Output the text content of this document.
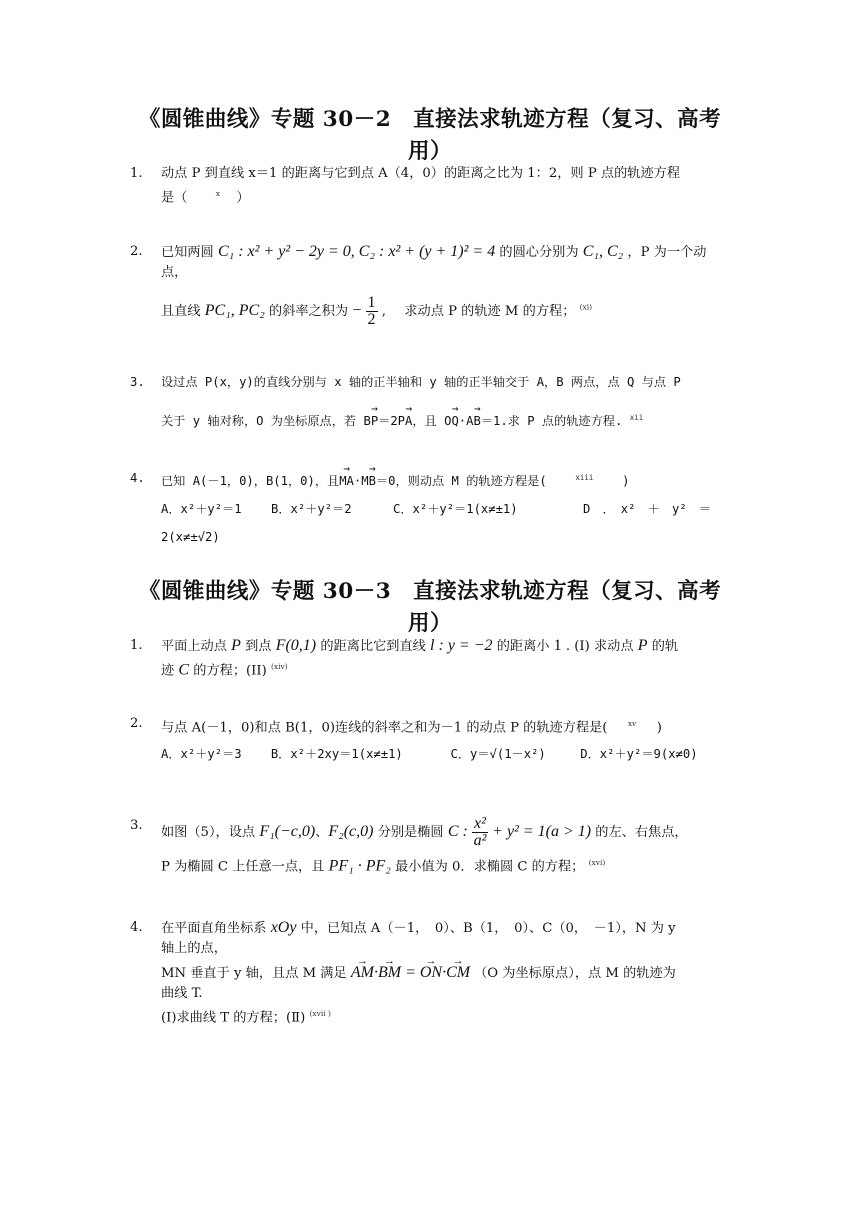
《圆锥曲线》专题 30－2　直接法求轨迹方程（复习、高考
用）
1. 动点 P 到直线 x＝1 的距离与它到点 A（4，0）的距离之比为 1：2，则 P 点的轨迹方程
是（	$^x$ ）
2. 已知两圆 C₁ : x² + y² − 2y = 0, C₂ : x² + (y + 1)² = 4 的圆心分别为 C₁, C₂ ，P 为一个动
点，
且直线 PC₁, PC₂ 的斜率之积为 − $\frac{1}{2}$ , 求动点 P 的轨迹 M 的方程； $^{(xi)}$
3. 设过点 P(x，y)的直线分别与 x 轴的正半轴和 y 轴的正半轴交于 A，B 两点，点 Q 与点 P
关于 y 轴对称，O 为坐标原点，若 B→ P＝2P→ A，且 O→ Q·A→ B＝1.求 P 点的轨迹方程. $^{xii}$
4. 已知 A(－1，0)，B(1，0)，且→ MA·M→ B＝0，则动点 M 的轨迹方程是(	$^{xiii}$ )
A．x²＋y²＝1	B．x²＋y²＝2	C．x²＋y²＝1(x≠±1)	D　．　x²　＋　y²　＝
2(x≠±√2)
《圆锥曲线》专题 30－3　直接法求轨迹方程（复习、高考
用）
1. 平面上动点 P 到点 F(0,1) 的距离比它到直线 l : y = −2 的距离小 1 . (I) 求动点 P 的轨
迹 C 的方程；(II) $^{(xiv)}$
2. 与点 A(－1，0)和点 B(1，0)连线的斜率之和为－1 的动点 P 的轨迹方程是(	$^{xv}$ )
A．x²＋y²＝3	B．x²＋2xy＝1(x≠±1)	C．y＝√(1－x²)	D．x²＋y²＝9(x≠0)
3. 如图（5），设点 F₁(−c,0)、F₂(c,0) 分别是椭圆 C : $\frac{\text{x²}}{\text{a²}} + y^2 = 1(a > 1)$ 的左、右焦点，
P 为椭圆 C 上任意一点，且 PF₁ · PF₂ 最小值为 0．求椭圆 C 的方程； $^{(xvi)}$
4. 在平面直角坐标系 xOy 中，已知点 A（－1，　0）、B（1，　0）、C（0，　－1），N 为 y
轴上的点，
MN 垂直于 y 轴，且点 M 满足 → AM·→ BM = → ON·→ CM （O 为坐标原点），点 M 的轨迹为
曲线 T.
(Ⅰ)求曲线 T 的方程；(Ⅱ) $^{(xvii )}$
